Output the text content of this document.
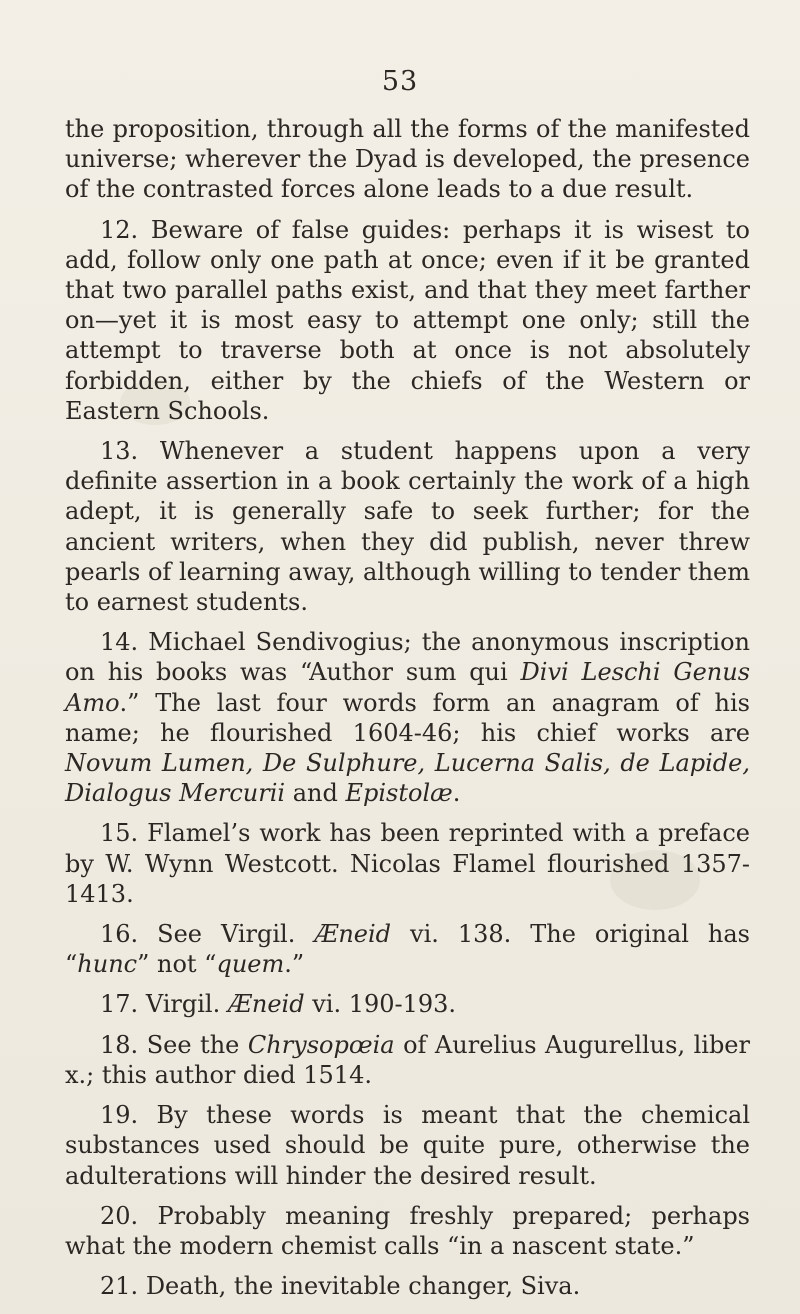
53

the proposition, through all the forms of the manifested universe; wherever the Dyad is developed, the presence of the contrasted forces alone leads to a due result.

12. Beware of false guides: perhaps it is wisest to add, follow only one path at once; even if it be granted that two parallel paths exist, and that they meet farther on—yet it is most easy to attempt one only; still the attempt to traverse both at once is not absolutely forbidden, either by the chiefs of the Western or Eastern Schools.

13. Whenever a student happens upon a very definite assertion in a book certainly the work of a high adept, it is generally safe to seek further; for the ancient writers, when they did publish, never threw pearls of learning away, although willing to tender them to earnest students.

14. Michael Sendivogius; the anonymous inscription on his books was “Author sum qui Divi Leschi Genus Amo.” The last four words form an anagram of his name; he flourished 1604-46; his chief works are Novum Lumen, De Sulphure, Lucerna Salis, de Lapide, Dialogus Mercurii and Epistolæ.

15. Flamel’s work has been reprinted with a preface by W. Wynn Westcott. Nicolas Flamel flourished 1357-1413.

16. See Virgil. Æneid vi. 138. The original has “hunc” not “quem.”

17. Virgil. Æneid vi. 190-193.

18. See the Chrysopœia of Aurelius Augurellus, liber x.; this author died 1514.

19. By these words is meant that the chemical substances used should be quite pure, otherwise the adulterations will hinder the desired result.

20. Probably meaning freshly prepared; perhaps what the modern chemist calls “in a nascent state.”

21. Death, the inevitable changer, Siva.
